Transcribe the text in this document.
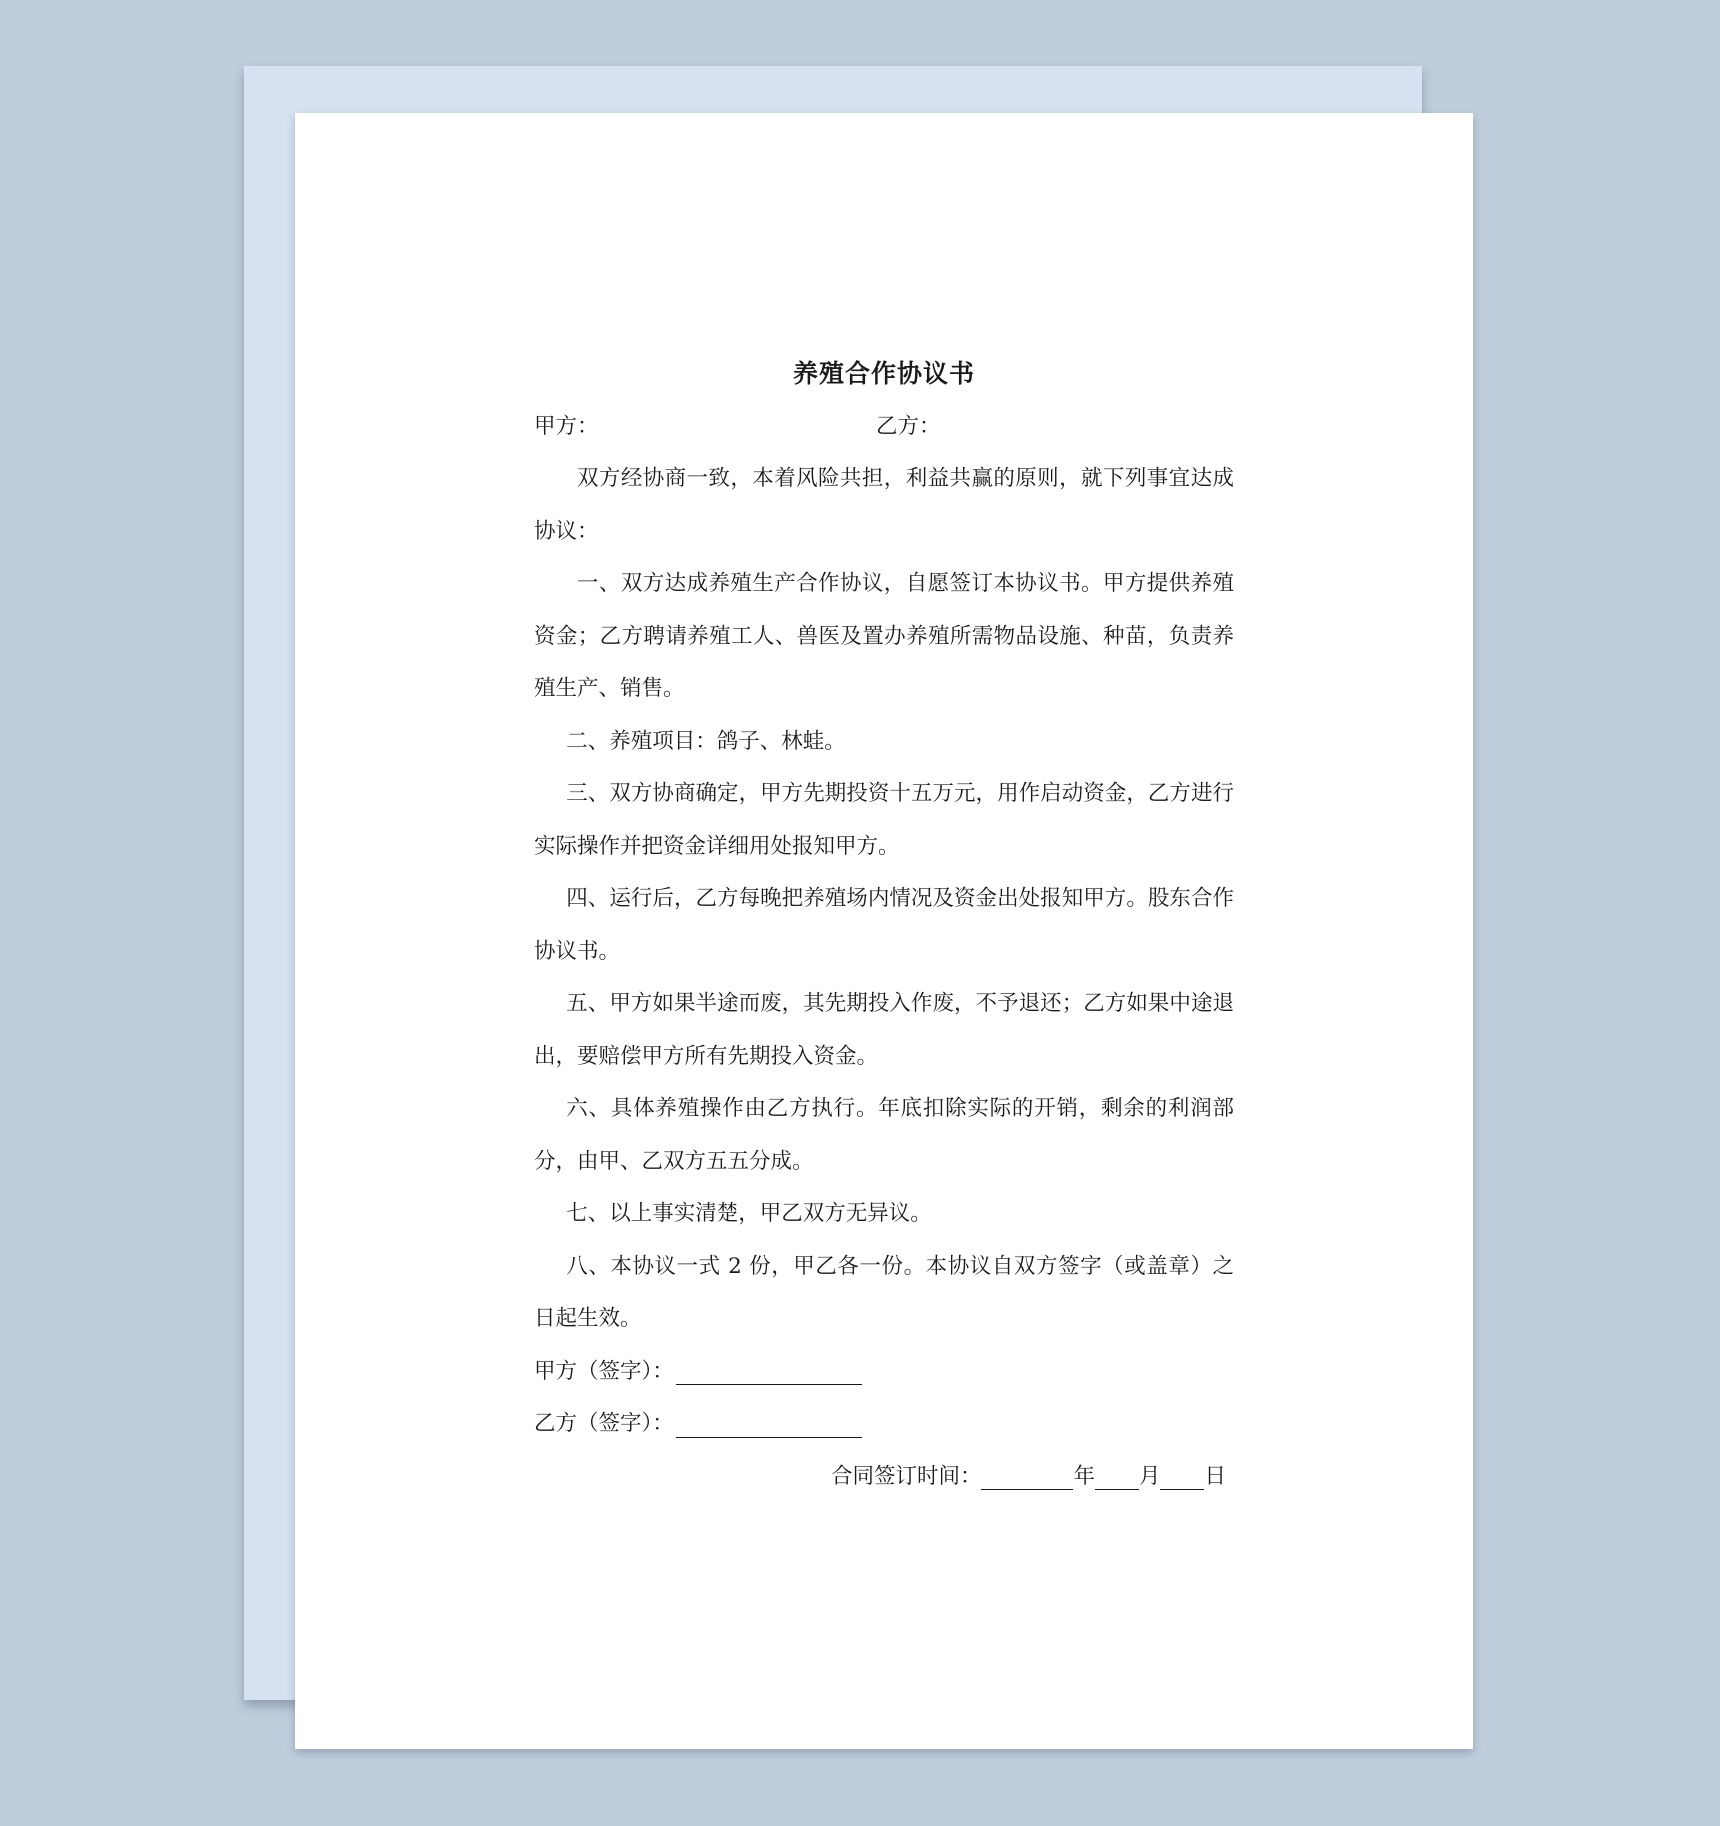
养殖合作协议书
甲方：	乙方：

双方经协商一致，本着风险共担，利益共赢的原则，就下列事宜达成协议：

一、双方达成养殖生产合作协议，自愿签订本协议书。甲方提供养殖资金；乙方聘请养殖工人、兽医及置办养殖所需物品设施、种苗，负责养殖生产、销售。

二、养殖项目：鸽子、林蛙。

三、双方协商确定，甲方先期投资十五万元，用作启动资金，乙方进行实际操作并把资金详细用处报知甲方。

四、运行后，乙方每晚把养殖场内情况及资金出处报知甲方。股东合作协议书。

五、甲方如果半途而废，其先期投入作废，不予退还；乙方如果中途退出，要赔偿甲方所有先期投入资金。

六、具体养殖操作由乙方执行。年底扣除实际的开销，剩余的利润部分，由甲、乙双方五五分成。

七、以上事实清楚，甲乙双方无异议。

八、本协议一式 2 份，甲乙各一份。本协议自双方签字（或盖章）之日起生效。

甲方（签字）：
乙方（签字）：
合同签订时间：	年 月 日
